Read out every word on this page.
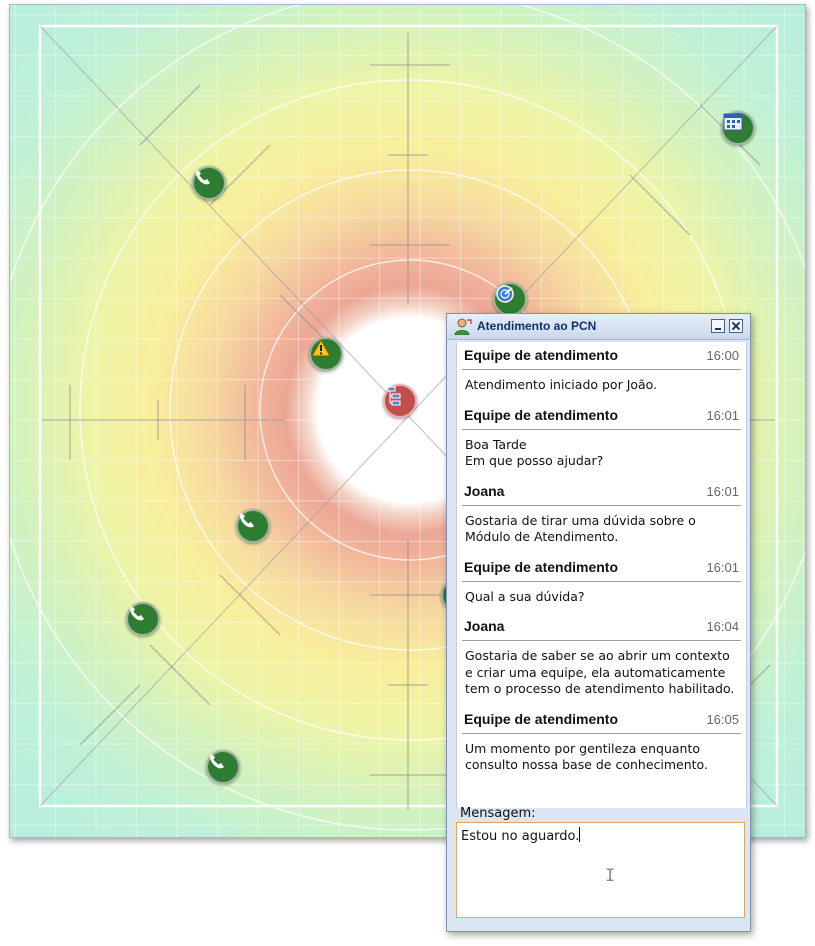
Atendimento ao PCN
Equipe de atendimento	16:00
Atendimento iniciado por João.
Equipe de atendimento	16:01
Boa Tarde
Em que posso ajudar?
Joana	16:01
Gostaria de tirar uma dúvida sobre o Módulo de Atendimento.
Equipe de atendimento	16:01
Qual a sua dúvida?
Joana	16:04
Gostaria de saber se ao abrir um contexto e criar uma equipe, ela automaticamente tem o processo de atendimento habilitado.
Equipe de atendimento	16:05
Um momento por gentileza enquanto consulto nossa base de conhecimento.
Mensagem:
Estou no aguardo.
I
